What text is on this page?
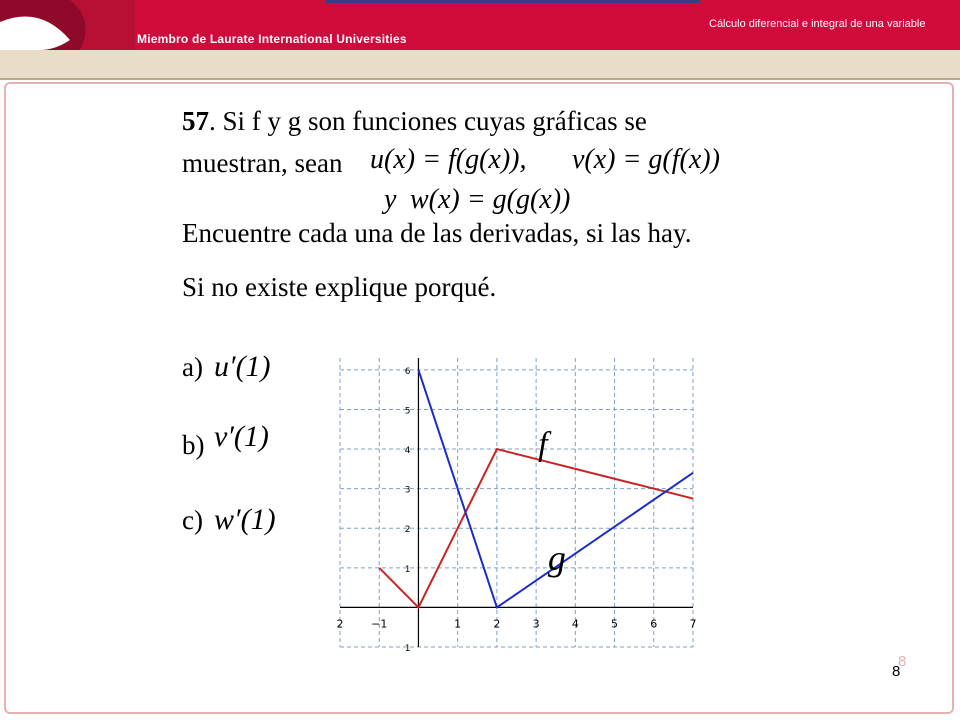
Miembro de Laurate International Universities
Cálculo diferencial e integral de una variable
57. Si f y g son funciones cuyas gráficas se
muestran, sean u(x) = f(g(x)), v(x) = g(f(x))
y w(x) = g(g(x))
Encuentre cada una de las derivadas, si las hay.
Si no existe explique porqué.
a) u′(1)
b) v′(1)
c) w′(1)
2	−1	1	2	3	4	5	6	7
1
1
2
3
4
5
6
f
g
8
8
